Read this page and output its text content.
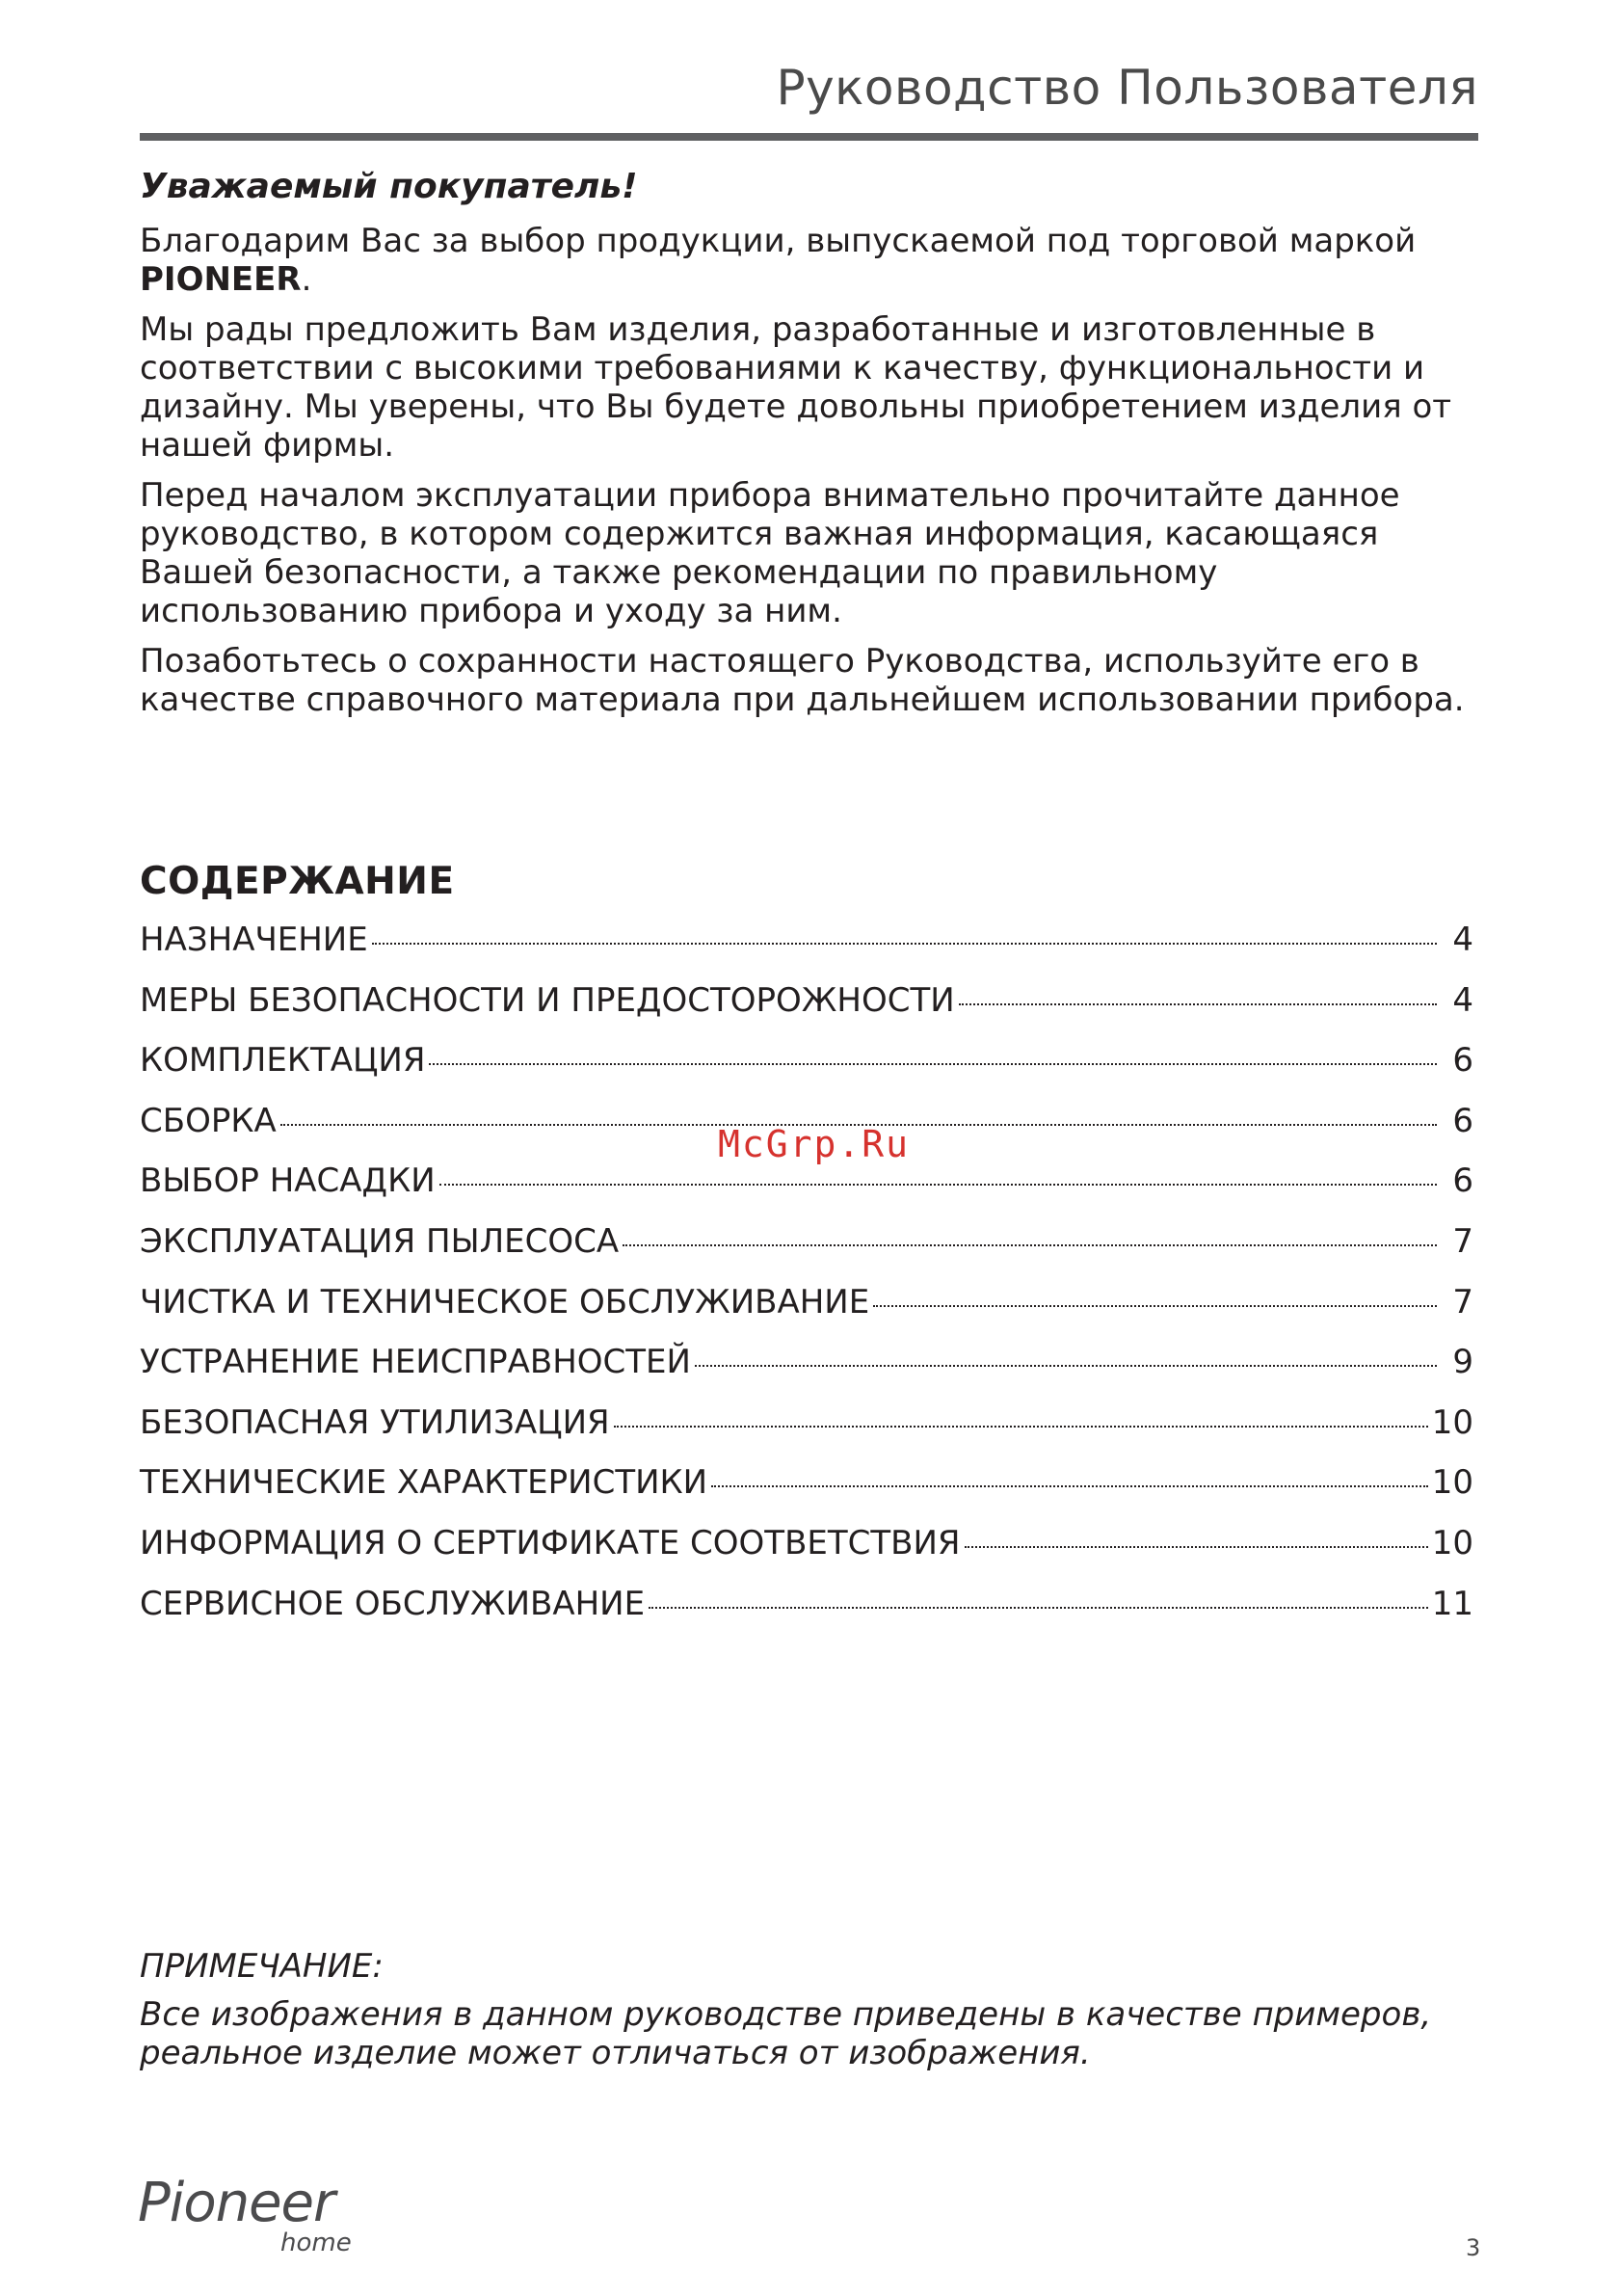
Руководство Пользователя

Уважаемый покупатель!

Благодарим Вас за выбор продукции, выпускаемой под торговой маркой PIONEER.

Мы рады предложить Вам изделия, разработанные и изготовленные в соответствии с высокими требованиями к качеству, функциональности и дизайну. Мы уверены, что Вы будете довольны приобретением изделия от нашей фирмы.

Перед началом эксплуатации прибора внимательно прочитайте данное руководство, в котором содержится важная информация, касающаяся Вашей безопасности, а также рекомендации по правильному использованию прибора и уходу за ним.

Позаботьтесь о сохранности настоящего Руководства, используйте его в качестве справочного материала при дальнейшем использовании прибора.

СОДЕРЖАНИЕ
НАЗНАЧЕНИЕ	4
МЕРЫ БЕЗОПАСНОСТИ И ПРЕДОСТОРОЖНОСТИ	4
КОМПЛЕКТАЦИЯ	6
СБОРКА	6
ВЫБОР НАСАДКИ	6
ЭКСПЛУАТАЦИЯ ПЫЛЕСОСА	7
ЧИСТКА И ТЕХНИЧЕСКОЕ ОБСЛУЖИВАНИЕ	7
УСТРАНЕНИЕ НЕИСПРАВНОСТЕЙ	9
БЕЗОПАСНАЯ УТИЛИЗАЦИЯ	10
ТЕХНИЧЕСКИЕ ХАРАКТЕРИСТИКИ	10
ИНФОРМАЦИЯ О СЕРТИФИКАТЕ СООТВЕТСТВИЯ	10
СЕРВИСНОЕ ОБСЛУЖИВАНИЕ	11
McGrp.Ru

ПРИМЕЧАНИЕ:

Все изображения в данном руководстве приведены в качестве примеров, реальное изделие может отличаться от изображения.

Pioneer
home	3
